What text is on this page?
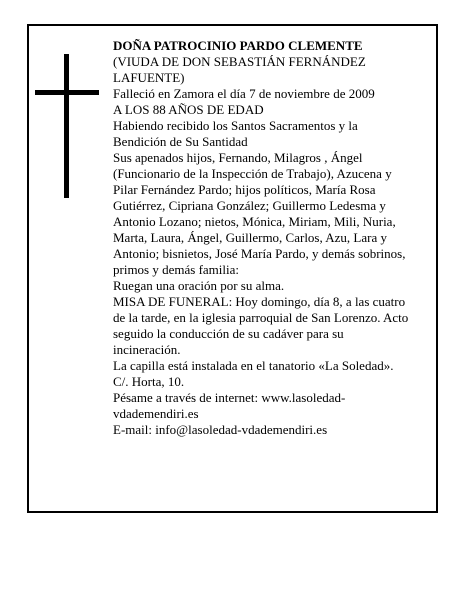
DOÑA PATROCINIO PARDO CLEMENTE

(VIUDA DE DON SEBASTIÁN FERNÁNDEZ LAFUENTE)

Falleció en Zamora el día 7 de noviembre de 2009

A LOS 88 AÑOS DE EDAD

Habiendo recibido los Santos Sacramentos y la Bendición de Su Santidad

Sus apenados hijos, Fernando, Milagros , Ángel (Funcionario de la Inspección de Trabajo), Azucena y Pilar Fernández Pardo; hijos políticos, María Rosa Gutiérrez, Cipriana González; Guillermo Ledesma y Antonio Lozano; nietos, Mónica, Miriam, Mili, Nuria, Marta, Laura, Ángel, Guillermo, Carlos, Azu, Lara y Antonio; bisnietos, José María Pardo, y demás sobrinos, primos y demás familia:

Ruegan una oración por su alma.

MISA DE FUNERAL: Hoy domingo, día 8, a las cuatro de la tarde, en la iglesia parroquial de San Lorenzo. Acto seguido la conducción de su cadáver para su incineración.

La capilla está instalada en el tanatorio «La Soledad». C/. Horta, 10.

Pésame a través de internet: www.lasoledad-vdademendiri.es

E-mail: info@lasoledad-vdademendiri.es
